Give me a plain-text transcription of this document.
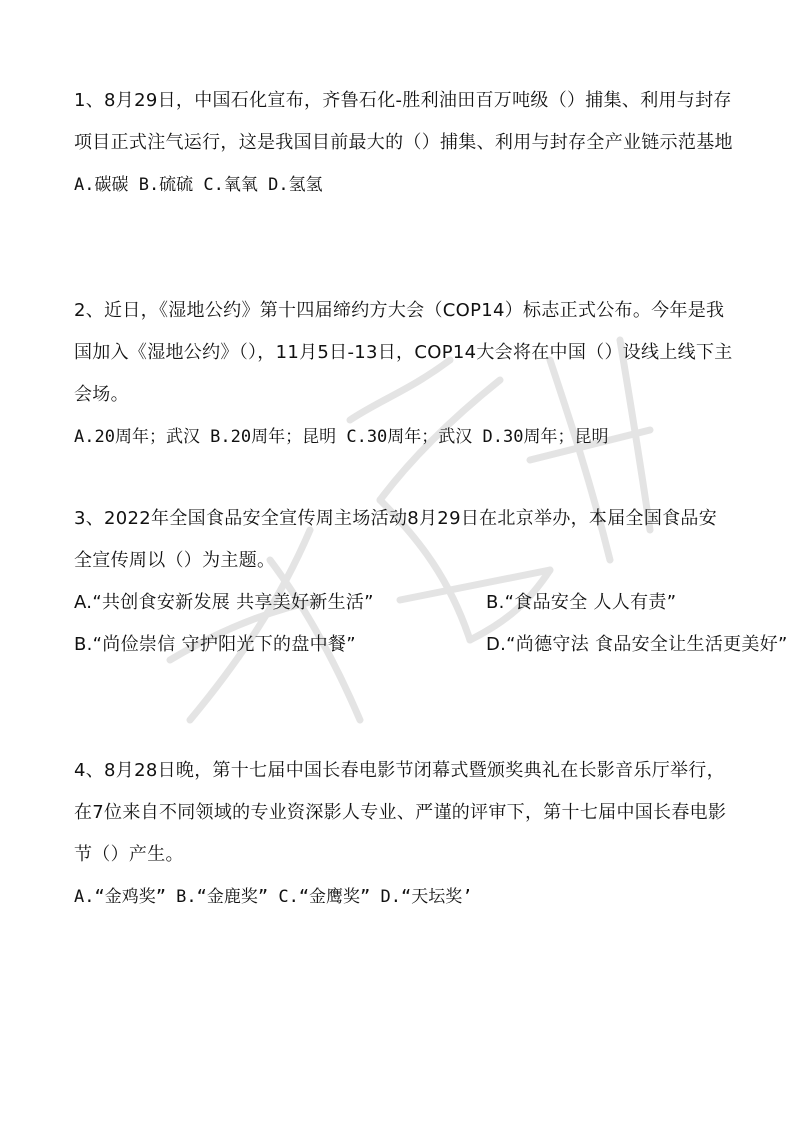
1、8月29日，中国石化宣布，齐鲁石化-胜利油田百万吨级（）捕集、利用与封存项目正式注气运行，这是我国目前最大的（）捕集、利用与封存全产业链示范基地

A.碳碳 B.硫硫 C.氧氧 D.氢氢

2、近日，《湿地公约》第十四届缔约方大会（COP14）标志正式公布。今年是我国加入《湿地公约》（），11月5日-13日，COP14大会将在中国（）设线上线下主会场。

A.20周年；武汉 B.20周年；昆明 C.30周年；武汉 D.30周年；昆明

3、2022年全国食品安全宣传周主场活动8月29日在北京举办，本届全国食品安全宣传周以（）为主题。

A.“共创食安新发展 共享美好新生活”	B.“食品安全 人人有责”
B.“尚俭崇信 守护阳光下的盘中餐”	D.“尚德守法 食品安全让生活更美好”

4、8月28日晚，第十七届中国长春电影节闭幕式暨颁奖典礼在长影音乐厅举行，在7位来自不同领域的专业资深影人专业、严谨的评审下，第十七届中国长春电影节（）产生。

A.“金鸡奖” B.“金鹿奖” C.“金鹰奖” D.“天坛奖’
